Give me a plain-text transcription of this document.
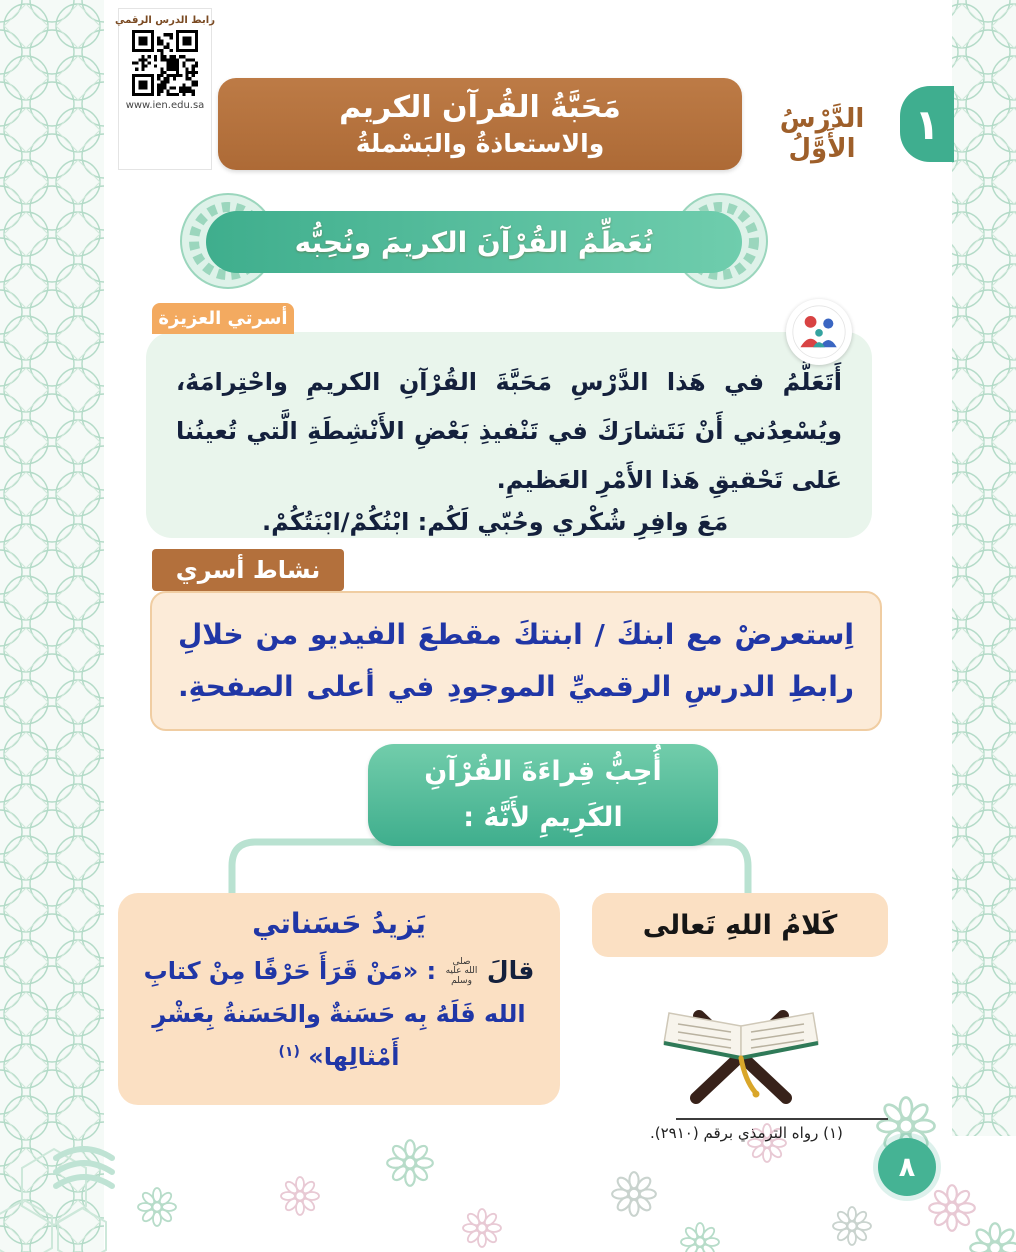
مَحَبَّةُ القُرآن الكريم
والاستعاذةُ والبَسْملةُ
الدَّرْسُ الأَوَّلُ
١
رابط الدرس الرقمي
www.ien.edu.sa
نُعَظِّمُ القُرْآنَ الكريمَ ونُحِبُّه
أسرتي العزيزة
أَتَعَلَّمُ في هَذا الدَّرْسِ مَحَبَّةَ القُرْآنِ الكريمِ واحْتِرامَهُ، ويُسْعِدُني أَنْ نَتَشارَكَ في تَنْفيذِ بَعْضِ الأَنْشِطَةِ الَّتي تُعينُنا عَلى تَحْقيقِ هَذا الأَمْرِ العَظيمِ.
مَعَ وافِرِ شُكْري وحُبّي لَكُم: ابْنُكُمْ/ابْنَتُكُمْ.
نشاط أسري
اِستعرضْ مع ابنكَ / ابنتكَ مقطعَ الفيديو من خلالِ رابطِ الدرسِ الرقميِّ الموجودِ في أعلى الصفحةِ.
أُحِبُّ قِراءَةَ القُرْآنِ الكَرِيمِ لأَنَّهُ :
كَلامُ اللهِ تَعالى
يَزيدُ حَسَناتي

قالَ صلى الله عليه وسلم : «مَنْ قَرَأَ حَرْفًا مِنْ كتابِ الله فَلَهُ بِه حَسَنةٌ والحَسَنةُ بِعَشْرِ أَمْثالِها» $^{(١)}$

(١) رواه الترمذي برقم (٢٩١٠).
٨
